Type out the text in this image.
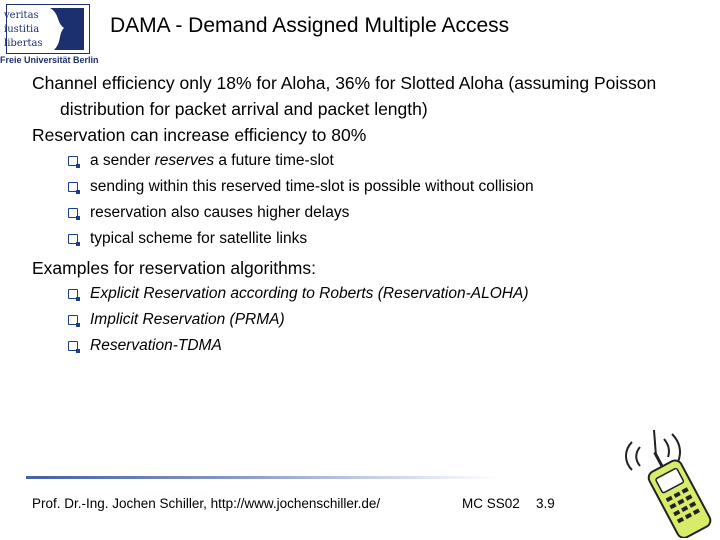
veritas
iustitia
libertas
Freie Universität Berlin
DAMA - Demand Assigned Multiple Access

Channel efficiency only 18% for Aloha, 36% for Slotted Aloha (assuming Poisson distribution for packet arrival and packet length)

Reservation can increase efficiency to 80%

a sender reserves a future time-slot
sending within this reserved time-slot is possible without collision
reservation also causes higher delays
typical scheme for satellite links

Examples for reservation algorithms:

Explicit Reservation according to Roberts (Reservation-ALOHA)
Implicit Reservation (PRMA)
Reservation-TDMA
Prof. Dr.-Ing. Jochen Schiller, http://www.jochenschiller.de/	MC SS02 3.9
